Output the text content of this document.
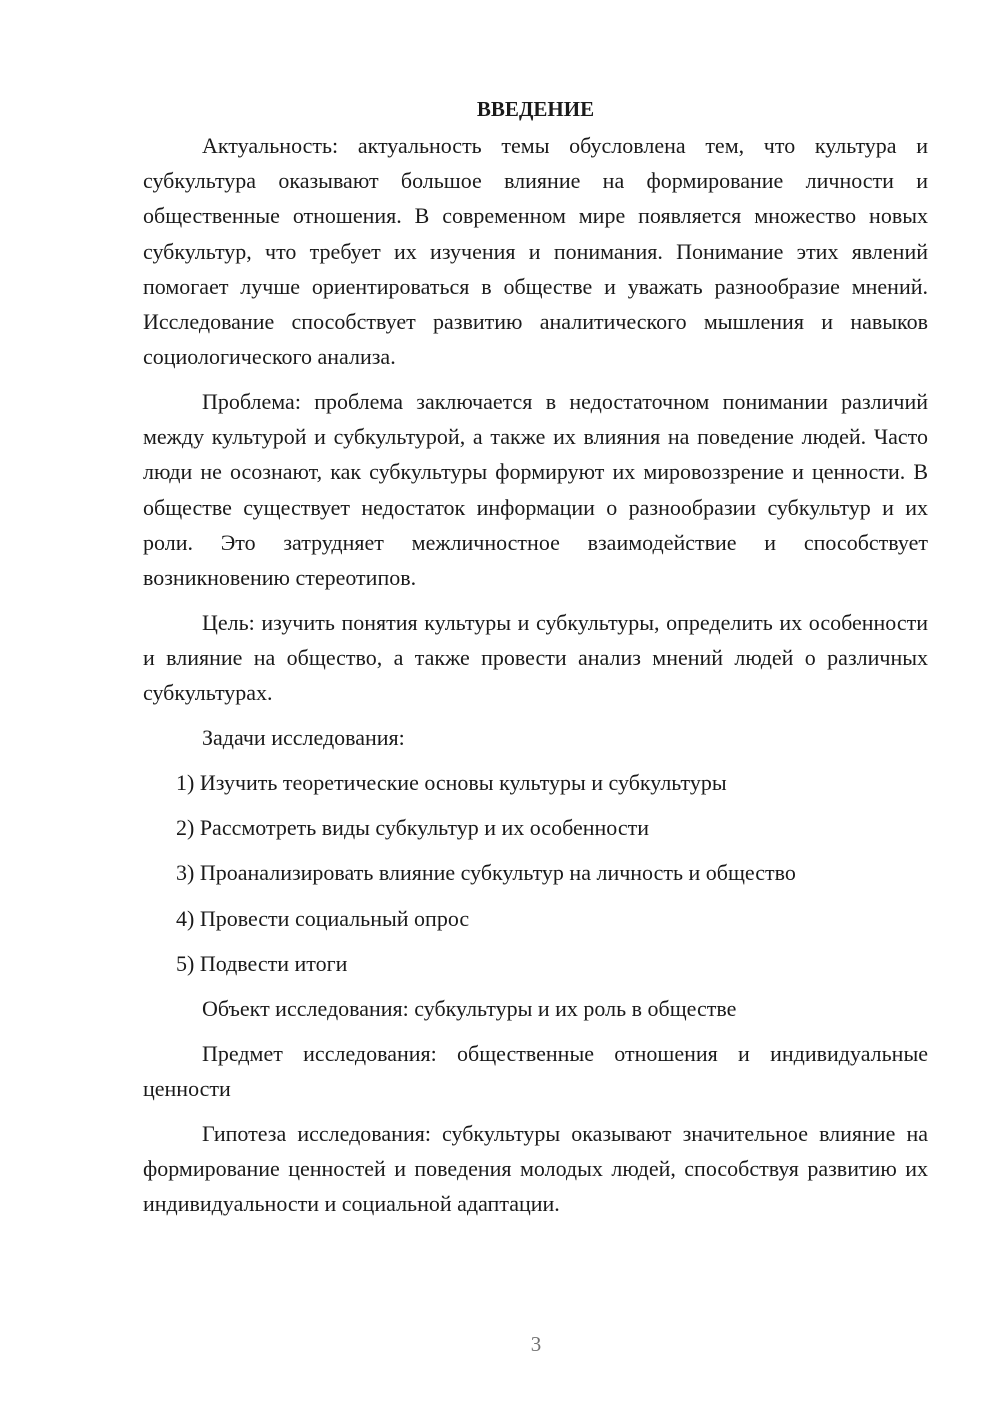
ВВЕДЕНИЕ

Актуальность: актуальность темы обусловлена тем, что культура и субкультура оказывают большое влияние на формирование личности и общественные отношения. В современном мире появляется множество новых субкультур, что требует их изучения и понимания. Понимание этих явлений помогает лучше ориентироваться в обществе и уважать разнообразие мнений. Исследование способствует развитию аналитического мышления и навыков социологического анализа.

Проблема: проблема заключается в недостаточном понимании различий между культурой и субкультурой, а также их влияния на поведение людей. Часто люди не осознают, как субкультуры формируют их мировоззрение и ценности. В обществе существует недостаток информации о разнообразии субкультур и их роли. Это затрудняет межличностное взаимодействие и способствует возникновению стереотипов.

Цель: изучить понятия культуры и субкультуры, определить их особенности и влияние на общество, а также провести анализ мнений людей о различных субкультурах.

Задачи исследования:

1) Изучить теоретические основы культуры и субкультуры
2) Рассмотреть виды субкультур и их особенности
3) Проанализировать влияние субкультур на личность и общество
4) Провести социальный опрос
5) Подвести итоги

Объект исследования: субкультуры и их роль в обществе

Предмет исследования: общественные отношения и индивидуальные ценности

Гипотеза исследования: субкультуры оказывают значительное влияние на формирование ценностей и поведения молодых людей, способствуя развитию их индивидуальности и социальной адаптации.

3
